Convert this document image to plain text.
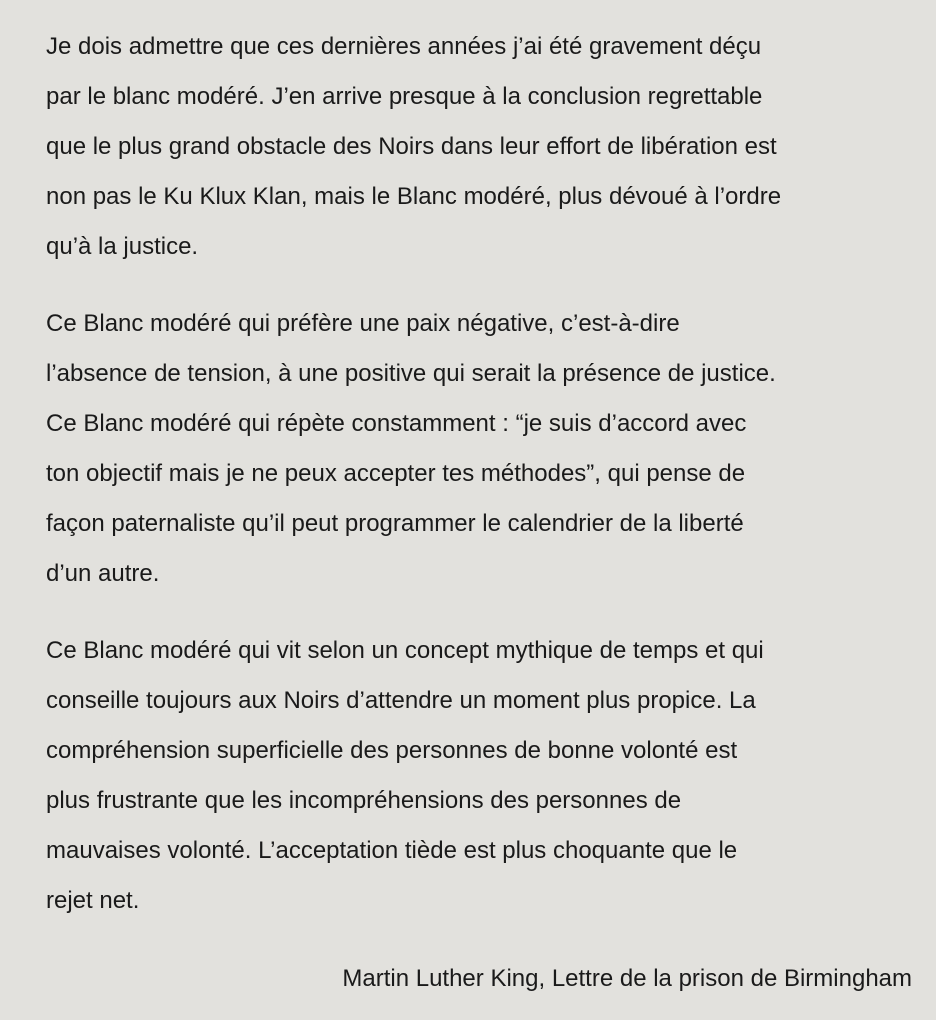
Je dois admettre que ces dernières années j’ai été gravement déçu
par le blanc modéré. J’en arrive presque à la conclusion regrettable
que le plus grand obstacle des Noirs dans leur effort de libération est
non pas le Ku Klux Klan, mais le Blanc modéré, plus dévoué à l’ordre
qu’à la justice.

Ce Blanc modéré qui préfère une paix négative, c’est-à-dire
l’absence de tension, à une positive qui serait la présence de justice.
Ce Blanc modéré qui répète constamment : “je suis d’accord avec
ton objectif mais je ne peux accepter tes méthodes”, qui pense de
façon paternaliste qu’il peut programmer le calendrier de la liberté
d’un autre.

Ce Blanc modéré qui vit selon un concept mythique de temps et qui
conseille toujours aux Noirs d’attendre un moment plus propice. La
compréhension superficielle des personnes de bonne volonté est
plus frustrante que les incompréhensions des personnes de
mauvaises volonté. L’acceptation tiède est plus choquante que le
rejet net.

Martin Luther King, Lettre de la prison de Birmingham
